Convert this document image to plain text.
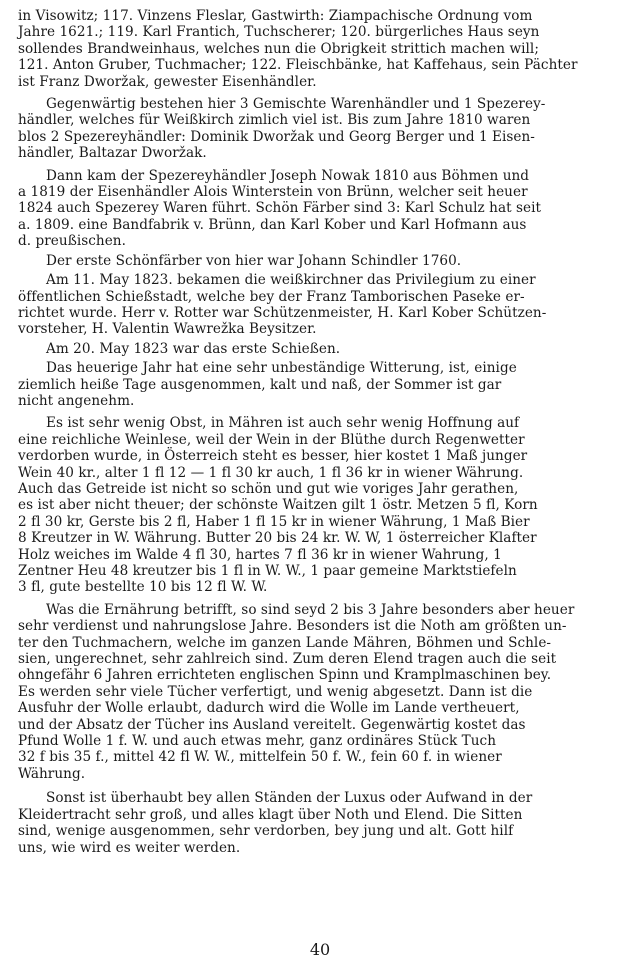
in Visowitz; 117. Vinzens Fleslar, Gastwirth: Ziampachische Ordnung vom
Jahre 1621.; 119. Karl Frantich, Tuchscherer; 120. bürgerliches Haus seyn
sollendes Brandweinhaus, welches nun die Obrigkeit strittich machen will;
121. Anton Gruber, Tuchmacher; 122. Fleischbänke, hat Kaffehaus, sein Pächter
ist Franz Dworžak, gewester Eisenhändler.

Gegenwärtig bestehen hier 3 Gemischte Warenhändler und 1 Spezerey-
händler, welches für Weißkirch zimlich viel ist. Bis zum Jahre 1810 waren
blos 2 Spezereyhändler: Dominik Dworžak und Georg Berger und 1 Eisen-
händler, Baltazar Dworžak.

Dann kam der Spezereyhändler Joseph Nowak 1810 aus Böhmen und
a 1819 der Eisenhändler Alois Winterstein von Brünn, welcher seit heuer
1824 auch Spezerey Waren führt. Schön Färber sind 3: Karl Schulz hat seit
a. 1809. eine Bandfabrik v. Brünn, dan Karl Kober und Karl Hofmann aus
d. preußischen.

Der erste Schönfärber von hier war Johann Schindler 1760.

Am 11. May 1823. bekamen die weißkirchner das Privilegium zu einer
öffentlichen Schießstadt, welche bey der Franz Tamborischen Paseke er-
richtet wurde. Herr v. Rotter war Schützenmeister, H. Karl Kober Schützen-
vorsteher, H. Valentin Wawrežka Beysitzer.

Am 20. May 1823 war das erste Schießen.

Das heuerige Jahr hat eine sehr unbeständige Witterung, ist, einige
ziemlich heiße Tage ausgenommen, kalt und naß, der Sommer ist gar
nicht angenehm.

Es ist sehr wenig Obst, in Mähren ist auch sehr wenig Hoffnung auf
eine reichliche Weinlese, weil der Wein in der Blüthe durch Regenwetter
verdorben wurde, in Österreich steht es besser, hier kostet 1 Maß junger
Wein 40 kr., alter 1 fl 12 — 1 fl 30 kr auch, 1 fl 36 kr in wiener Währung.
Auch das Getreide ist nicht so schön und gut wie voriges Jahr gerathen,
es ist aber nicht theuer; der schönste Waitzen gilt 1 östr. Metzen 5 fl, Korn
2 fl 30 kr, Gerste bis 2 fl, Haber 1 fl 15 kr in wiener Währung, 1 Maß Bier
8 Kreutzer in W. Währung. Butter 20 bis 24 kr. W. W, 1 österreicher Klafter
Holz weiches im Walde 4 fl 30, hartes 7 fl 36 kr in wiener Wahrung, 1
Zentner Heu 48 kreutzer bis 1 fl in W. W., 1 paar gemeine Marktstiefeln
3 fl, gute bestellte 10 bis 12 fl W. W.

Was die Ernährung betrifft, so sind seyd 2 bis 3 Jahre besonders aber heuer
sehr verdienst und nahrungslose Jahre. Besonders ist die Noth am größten un-
ter den Tuchmachern, welche im ganzen Lande Mähren, Böhmen und Schle-
sien, ungerechnet, sehr zahlreich sind. Zum deren Elend tragen auch die seit
ohngefähr 6 Jahren errichteten englischen Spinn und Kramplmaschinen bey.
Es werden sehr viele Tücher verfertigt, und wenig abgesetzt. Dann ist die
Ausfuhr der Wolle erlaubt, dadurch wird die Wolle im Lande vertheuert,
und der Absatz der Tücher ins Ausland vereitelt. Gegenwärtig kostet das
Pfund Wolle 1 f. W. und auch etwas mehr, ganz ordinäres Stück Tuch
32 f bis 35 f., mittel 42 fl W. W., mittelfein 50 f. W., fein 60 f. in wiener
Währung.

Sonst ist überhaubt bey allen Ständen der Luxus oder Aufwand in der
Kleidertracht sehr groß, und alles klagt über Noth und Elend. Die Sitten
sind, wenige ausgenommen, sehr verdorben, bey jung und alt. Gott hilf
uns, wie wird es weiter werden.

40
